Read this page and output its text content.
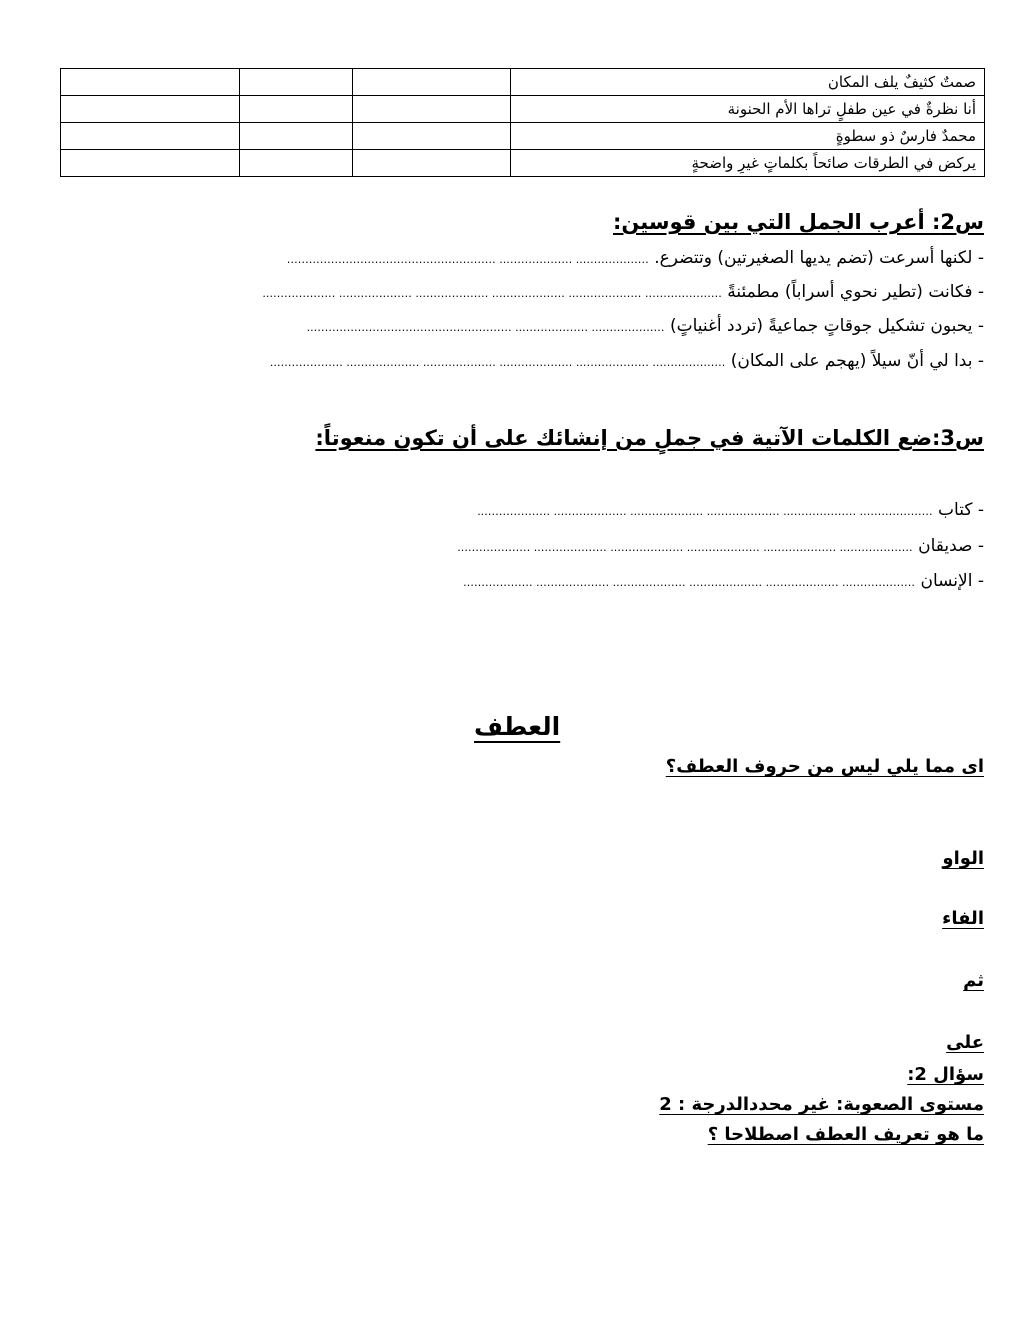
			صمتٌ كثيفٌ يلف المكان
			أنا نظرةٌ في عين طفلٍ تراها الأم الحنونة
			محمدٌ فارسٌ ذو سطوةٍ
			يركض في الطرقات صائحاً بكلماتٍ غيرِ واضحةٍ
س2: أعرب الجمل التي بين قوسين:
- لكنها أسرعت (تضم يديها الصغيرتين) وتتضرع. ……………….. ……………….. …………………………………………………
- فكانت (تطير نحوي أسراباً) مطمئنةً ………………… ……………….. ……………….. ……………….. ……………….. ………………..
- يحبون تشكيل جوقاتٍ جماعيةً (تردد أغنياتٍ) ……………….. ……………….. ………………………………………………..
- بدا لي أنّ سيلاً (يهجم على المكان) ……………….. ……………….. ……………….. ……………….. ……………….. ………………..
س3:ضع الكلمات الآتية في جملٍ من إنشائك على أن تكون منعوتاً:
- كتاب ……………….. ……………….. ……………….. ……………….. ……………….. ………………..
- صديقان ……………….. ……………….. ……………….. ……………….. ……………….. ………………..
- الإنسان ……………….. ……………….. ……………….. ……………….. ……………….. ……………….
العطف
اى مما يلي ليس من حروف العطف؟
الواو
الفاء
ثم
على
سؤال 2:
مستوى الصعوبة: غير محددالدرجة : 2
ما هو تعريف العطف اصطلاحا ؟
